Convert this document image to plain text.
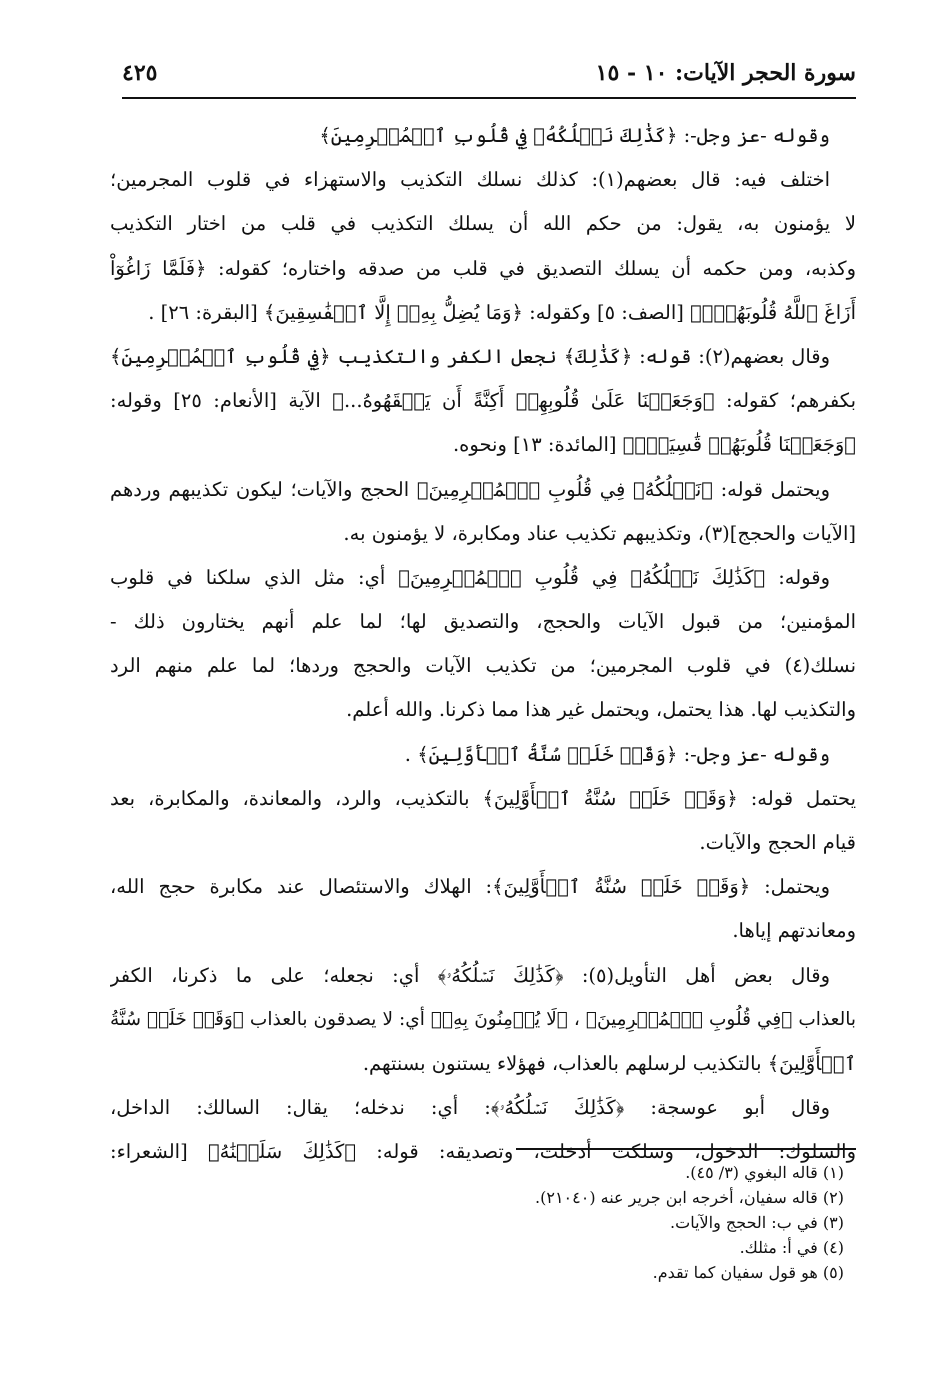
سورة الحجر الآيات: ١٠ - ١٥
٤٢٥
وقوله -عز وجل-: ﴿كَذَٰلِكَ نَسۡلُكُهُۥ فِي قُلُوبِ ٱلۡمُجۡرِمِينَ﴾
اختلف فيه: قال بعضهم(١): كذلك نسلك التكذيب والاستهزاء في قلوب المجرمين؛
لا يؤمنون به، يقول: من حكم الله أن يسلك التكذيب في قلب من اختار التكذيب
وكذبه، ومن حكمه أن يسلك التصديق في قلب من صدقه واختاره؛ كقوله: ﴿فَلَمَّا زَاغُوٓاْ
أَزَاغَ ٱللَّهُ قُلُوبَهُمۡۚ﴾ [الصف: ٥] وكقوله: ﴿وَمَا يُضِلُّ بِهِۦٓ إِلَّا ٱلۡفَٰسِقِينَ﴾ [البقرة: ٢٦] .
وقال بعضهم(٢): قوله: ﴿كَذَٰلِكَ﴾ نجعل الكفر والتكذيب ﴿فِي قُلُوبِ ٱلۡمُجۡرِمِينَ﴾
بكفرهم؛ كقوله: ﴿وَجَعَلۡنَا عَلَىٰ قُلُوبِهِمۡ أَكِنَّةً أَن يَفۡقَهُوهُ...﴾ الآية [الأنعام: ٢٥] وقوله:
﴿وَجَعَلۡنَا قُلُوبَهُمۡ قَٰسِيَةٗۖ﴾ [المائدة: ١٣] ونحوه.
ويحتمل قوله: ﴿نَسۡلُكُهُۥ فِي قُلُوبِ ٱلۡمُجۡرِمِينَ﴾ الحجج والآيات؛ ليكون تكذيبهم وردهم
[الآيات والحجج](٣)، وتكذيبهم تكذيب عناد ومكابرة، لا يؤمنون به.
وقوله: ﴿كَذَٰلِكَ نَسۡلُكُهُۥ فِي قُلُوبِ ٱلۡمُجۡرِمِينَ﴾ أي: مثل الذي سلكنا في قلوب
المؤمنين؛ من قبول الآيات والحجج، والتصديق لها؛ لما علم أنهم يختارون ذلك -
نسلك(٤) في قلوب المجرمين؛ من تكذيب الآيات والحجج وردها؛ لما علم منهم الرد
والتكذيب لها. هذا يحتمل، ويحتمل غير هذا مما ذكرنا. والله أعلم.
وقوله -عز وجل-: ﴿وَقَدۡ خَلَتۡ سُنَّةُ ٱلۡأَوَّلِينَ﴾ .
يحتمل قوله: ﴿وَقَدۡ خَلَتۡ سُنَّةُ ٱلۡأَوَّلِينَ﴾ بالتكذيب، والرد، والمعاندة، والمكابرة، بعد
قيام الحجج والآيات.
ويحتمل: ﴿وَقَدۡ خَلَتۡ سُنَّةُ ٱلۡأَوَّلِينَ﴾: الهلاك والاستئصال عند مكابرة حجج الله،
ومعاندتهم إياها.
وقال بعض أهل التأويل(٥): ﴿كَذَٰلِكَ نَسۡلُكُهُۥ﴾ أي: نجعله؛ على ما ذكرنا، الكفر
بالعذاب ﴿فِي قُلُوبِ ٱلۡمُجۡرِمِينَ﴾ ، ﴿لَا يُؤۡمِنُونَ بِهِۦ﴾ أي: لا يصدقون بالعذاب ﴿وَقَدۡ خَلَتۡ سُنَّةُ
ٱلۡأَوَّلِينَ﴾ بالتكذيب لرسلهم بالعذاب، فهؤلاء يستنون بسنتهم.
وقال أبو عوسجة: ﴿كَذَٰلِكَ نَسۡلُكُهُۥ﴾: أي: ندخله؛ يقال: السالك: الداخل،
والسلوك: الدخول، وسلكت أدخلت، وتصديقه: قوله: ﴿كَذَٰلِكَ سَلَكۡنَٰهُ﴾ [الشعراء:
(١) قاله البغوي (٣/ ٤٥).
(٢) قاله سفيان، أخرجه ابن جرير عنه (٢١٠٤٠).
(٣) في ب: الحجج والآيات.
(٤) في أ: مثلك.
(٥) هو قول سفيان كما تقدم.
